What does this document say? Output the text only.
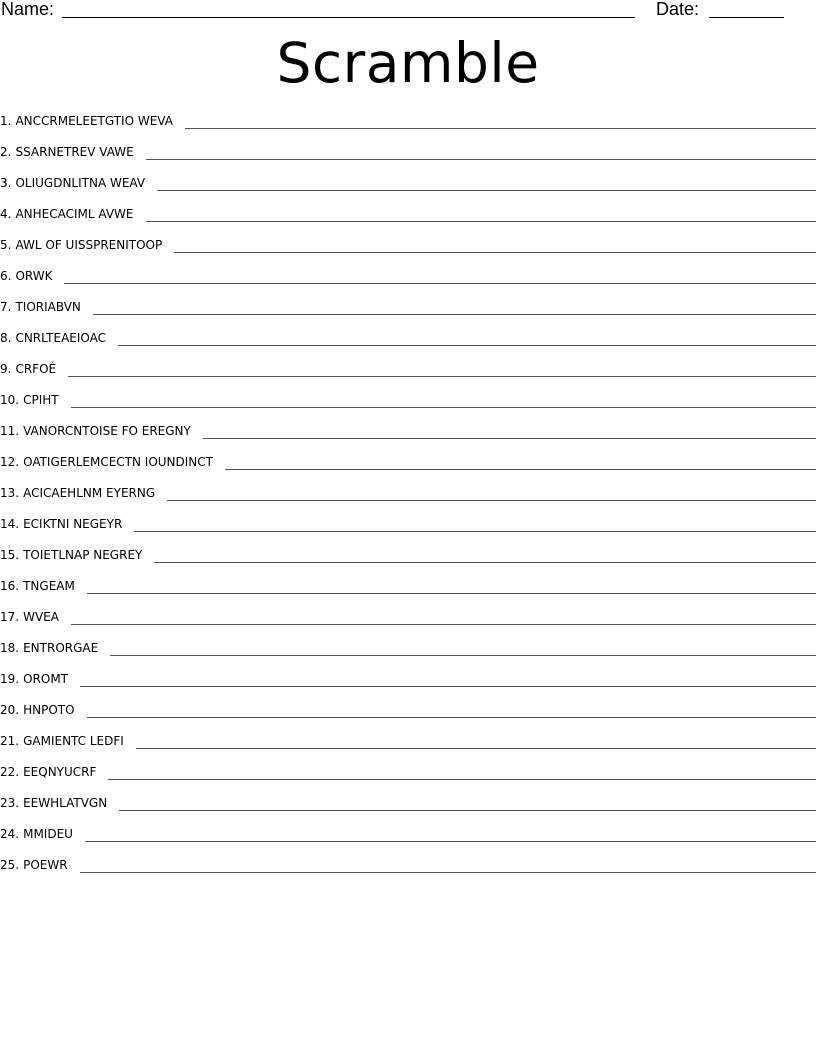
Name:	Date:
Scramble
1. ANCCRMELEETGTIO WEVA
2. SSARNETREV VAWE
3. OLIUGDNLITNA WEAV
4. ANHECACIML AVWE
5. AWL OF UISSPRENITOOP
6. ORWK
7. TIORIABVN
8. CNRLTEAEIOAC
9. CRFOÉ
10. CPIHT
11. VANORCNTOISE FO EREGNY
12. OATIGERLEMCECTN IOUNDINCT
13. ACICAEHLNM EYERNG
14. ECIKTNI NEGEYR
15. TOIETLNAP NEGREY
16. TNGEAM
17. WVEA
18. ENTRORGAE
19. OROMT
20. HNPOTO
21. GAMIENTC LEDFI
22. EEQNYUCRF
23. EEWHLATVGN
24. MMIDEU
25. POEWR
